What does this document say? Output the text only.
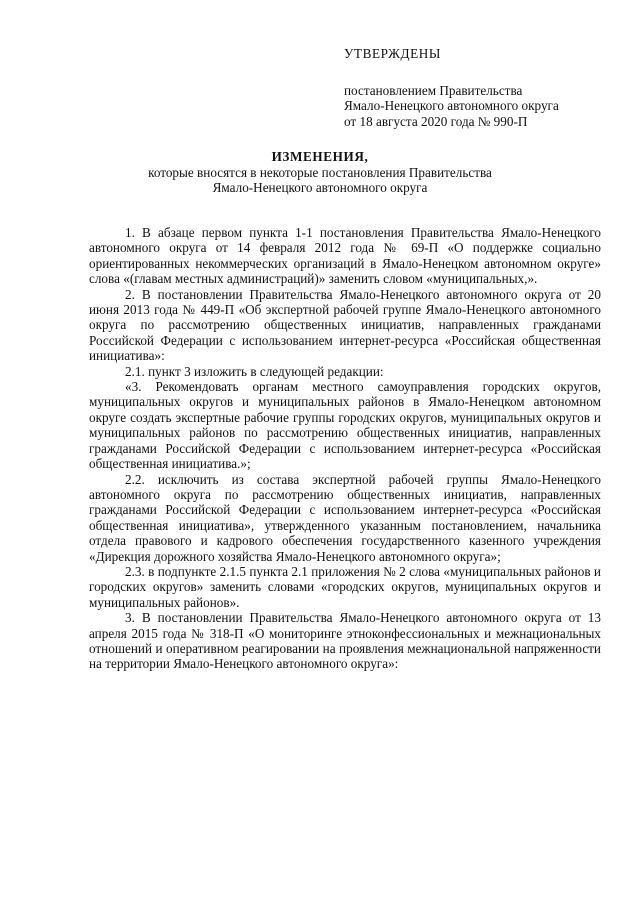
УТВЕРЖДЕНЫ
постановлением Правительства
Ямало-Ненецкого автономного округа
от 18 августа 2020 года № 990-П
ИЗМЕНЕНИЯ,
которые вносятся в некоторые постановления Правительства
Ямало-Ненецкого автономного округа

1. В абзаце первом пункта 1-1 постановления Правительства Ямало-Ненецкого автономного округа от 14 февраля 2012 года № 69-П «О поддержке социально ориентированных некоммерческих организаций в Ямало-Ненецком автономном округе» слова «(главам местных администраций)» заменить словом «муниципальных,».

2. В постановлении Правительства Ямало-Ненецкого автономного округа от 20 июня 2013 года № 449-П «Об экспертной рабочей группе Ямало-Ненецкого автономного округа по рассмотрению общественных инициатив, направленных гражданами Российской Федерации с использованием интернет-ресурса «Российская общественная инициатива»:

2.1. пункт 3 изложить в следующей редакции:

«3. Рекомендовать органам местного самоуправления городских округов, муниципальных округов и муниципальных районов в Ямало-Ненецком автономном округе создать экспертные рабочие группы городских округов, муниципальных округов и муниципальных районов по рассмотрению общественных инициатив, направленных гражданами Российской Федерации с использованием интернет-ресурса «Российская общественная инициатива.»;

2.2. исключить из состава экспертной рабочей группы Ямало-Ненецкого автономного округа по рассмотрению общественных инициатив, направленных гражданами Российской Федерации с использованием интернет-ресурса «Российская общественная инициатива», утвержденного указанным постановлением, начальника отдела правового и кадрового обеспечения государственного казенного учреждения «Дирекция дорожного хозяйства Ямало-Ненецкого автономного округа»;

2.3. в подпункте 2.1.5 пункта 2.1 приложения № 2 слова «муниципальных районов и городских округов» заменить словами «городских округов, муниципальных округов и муниципальных районов».

3. В постановлении Правительства Ямало-Ненецкого автономного округа от 13 апреля 2015 года № 318-П «О мониторинге этноконфессиональных и межнациональных отношений и оперативном реагировании на проявления межнациональной напряженности на территории Ямало-Ненецкого автономного округа»:
